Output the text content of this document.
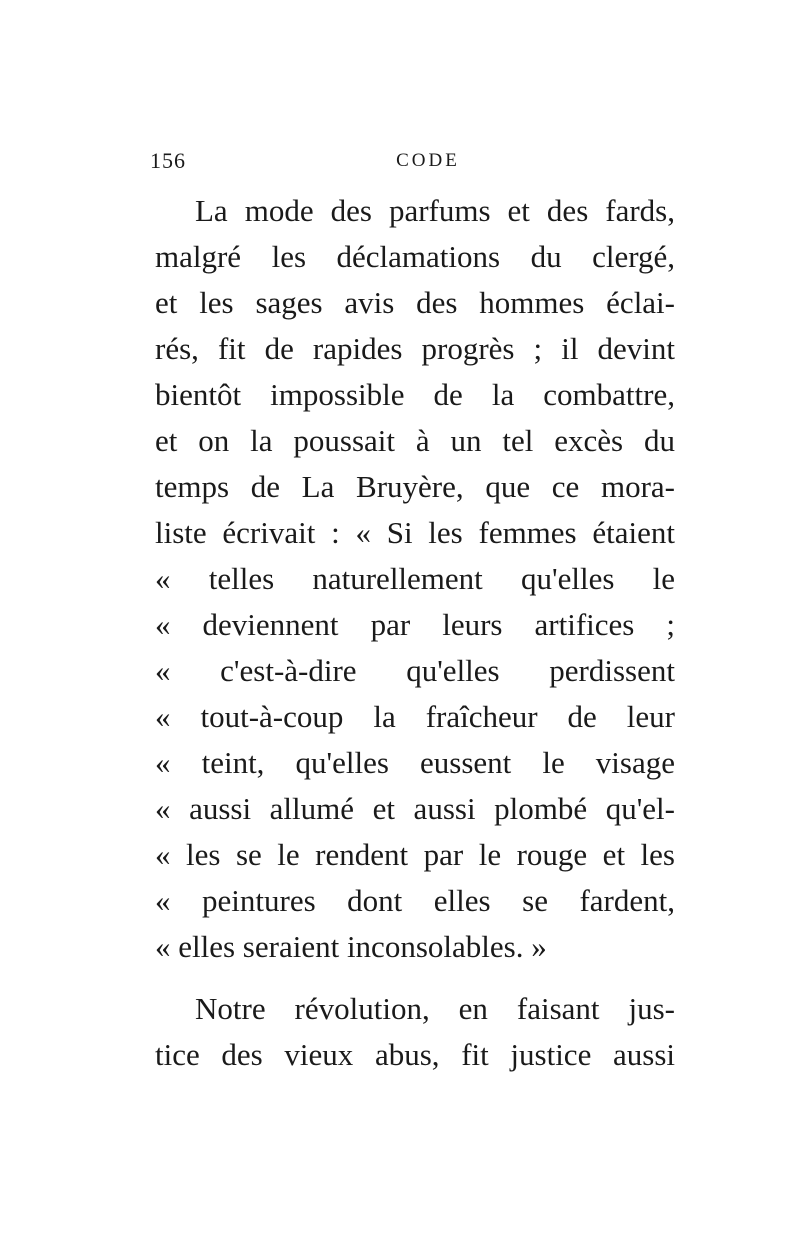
156	CODE
La mode des parfums et des fards,
malgré les déclamations du clergé,
et les sages avis des hommes éclai-
rés, fit de rapides progrès ; il devint
bientôt impossible de la combattre,
et on la poussait à un tel excès du
temps de La Bruyère, que ce mora-
liste écrivait : « Si les femmes étaient
« telles naturellement qu'elles le
« deviennent par leurs artifices ;
« c'est-à-dire qu'elles perdissent
« tout-à-coup la fraîcheur de leur
« teint, qu'elles eussent le visage
« aussi allumé et aussi plombé qu'el-
« les se le rendent par le rouge et les
« peintures dont elles se fardent,
« elles seraient inconsolables. »
Notre révolution, en faisant jus-
tice des vieux abus, fit justice aussi
